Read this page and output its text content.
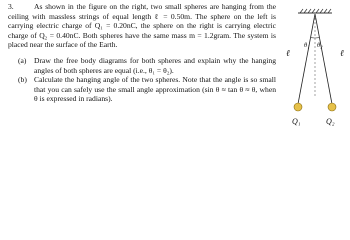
3.	As shown in the figure on the right, two small spheres are hanging from the ceiling with massless strings of equal length ℓ = 0.50m. The sphere on the left is carrying electric charge of Q₁ = 0.20nC, the sphere on the right is carrying electric charge of Q₂ = 0.40nC. Both spheres have the same mass m = 1.2gram. The system is placed near the surface of the Earth.

(a) Draw the free body diagrams for both spheres and explain why the hanging angles of both spheres are equal (i.e., θ₁ = θ₂).
(b) Calculate the hanging angle of the two spheres. Note that the angle is so small that you can safely use the small angle approximation (sin θ ≈ tan θ ≈ θ, when θ is expressed in radians).
ℓ	ℓ
θ₁ θ₂
Q₁	Q₂
